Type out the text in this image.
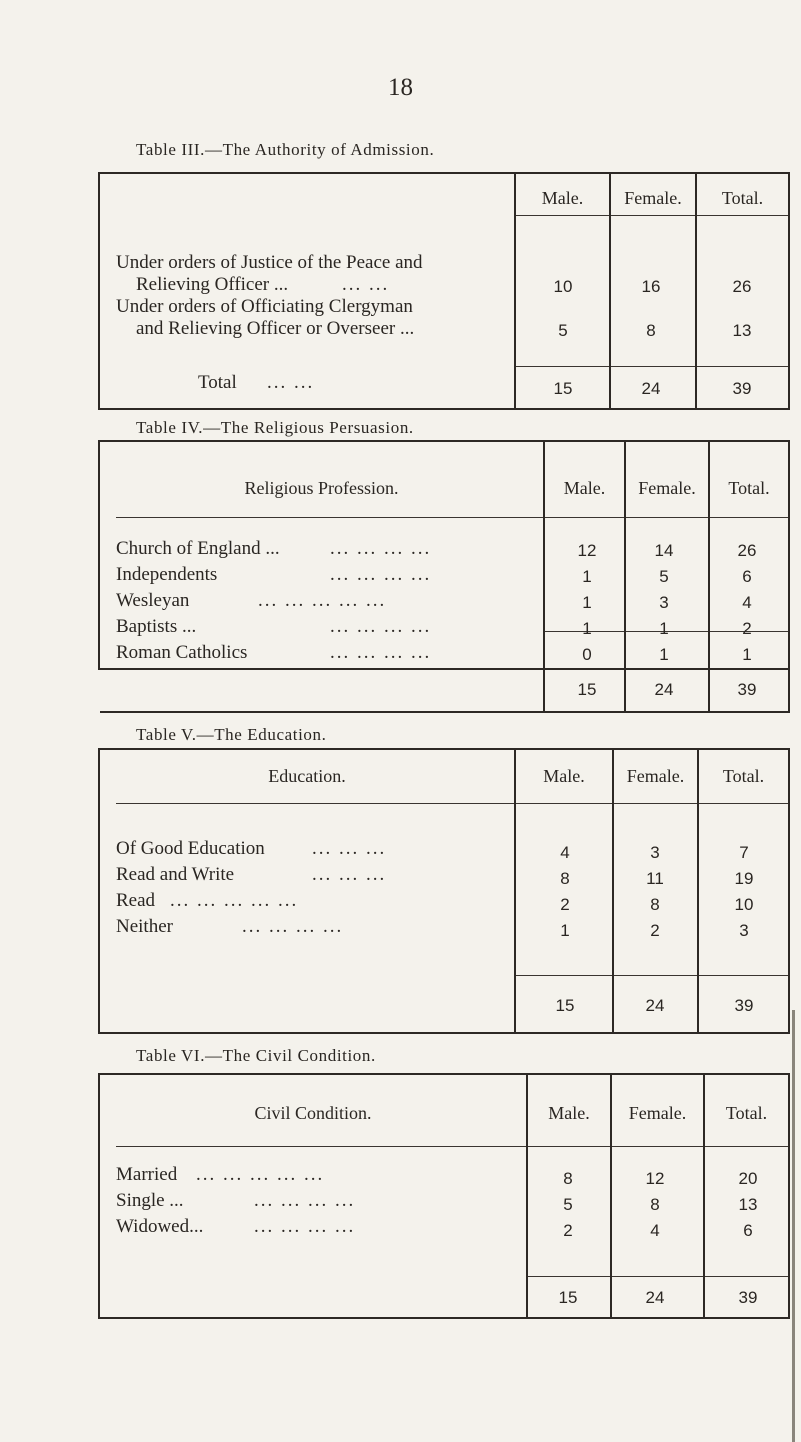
18
Table III.—The Authority of Admission.
Male.	Female.	Total.
Under orders of Justice of the Peace and
Relieving Officer ...	... ...	10	16	26
Under orders of Officiating Clergyman
and Relieving Officer or Overseer ...	5	8	13
Total ... ...	15	24	39
Table IV.—The Religious Persuasion.
Religious Profession.	Male.	Female.	Total.
Church of England ...	... ... ... ...	12	14	26
Independents	... ... ... ...	1	5	6
Wesleyan	... ... ... ... ...	1	3	4
Baptists ...	... ... ... ...	1	1	2
Roman Catholics	... ... ... ...	0	1	1
15	24	39
Table V.—The Education.
Education.	Male.	Female.	Total.
Of Good Education ... ... ...	4	3	7
Read and Write	... ... ...	8	11	19
Read ... ... ... ... ...	2	8	10
Neither	... ... ... ...	1	2	3
15	24	39
Table VI.—The Civil Condition.
Civil Condition.	Male.	Female.	Total.
Married ... ... ... ... ...	8	12	20
Single ...	... ... ... ...	5	8	13
Widowed...	... ... ... ...	2	4	6
15	24	39
